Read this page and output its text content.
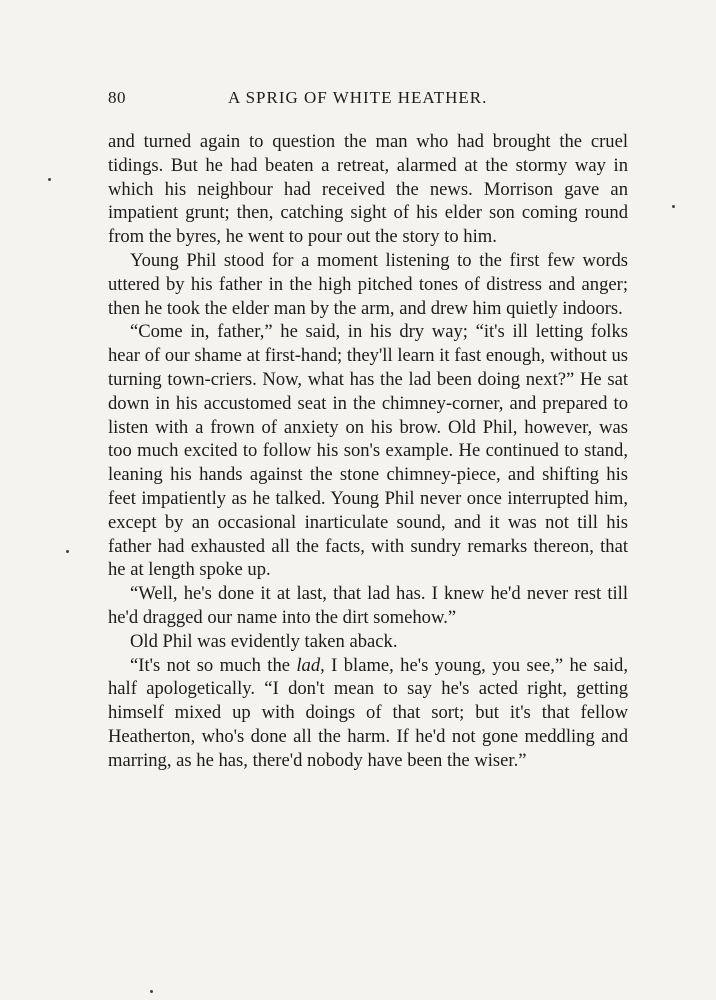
80	A SPRIG OF WHITE HEATHER.

and turned again to question the man who had brought the cruel tidings. But he had beaten a retreat, alarmed at the stormy way in which his neighbour had received the news. Morrison gave an impatient grunt; then, catching sight of his elder son coming round from the byres, he went to pour out the story to him.

Young Phil stood for a moment listening to the first few words uttered by his father in the high pitched tones of distress and anger; then he took the elder man by the arm, and drew him quietly indoors.

“Come in, father,” he said, in his dry way; “it's ill letting folks hear of our shame at first-hand; they'll learn it fast enough, without us turning town-criers. Now, what has the lad been doing next?” He sat down in his accustomed seat in the chimney-corner, and prepared to listen with a frown of anxiety on his brow. Old Phil, however, was too much excited to follow his son's example. He continued to stand, leaning his hands against the stone chimney-piece, and shifting his feet impatiently as he talked. Young Phil never once interrupted him, except by an occasional inarticulate sound, and it was not till his father had exhausted all the facts, with sundry remarks thereon, that he at length spoke up.

“Well, he's done it at last, that lad has. I knew he'd never rest till he'd dragged our name into the dirt somehow.”

Old Phil was evidently taken aback.

“It's not so much the lad, I blame, he's young, you see,” he said, half apologetically. “I don't mean to say he's acted right, getting himself mixed up with doings of that sort; but it's that fellow Heatherton, who's done all the harm. If he'd not gone meddling and marring, as he has, there'd nobody have been the wiser.”
